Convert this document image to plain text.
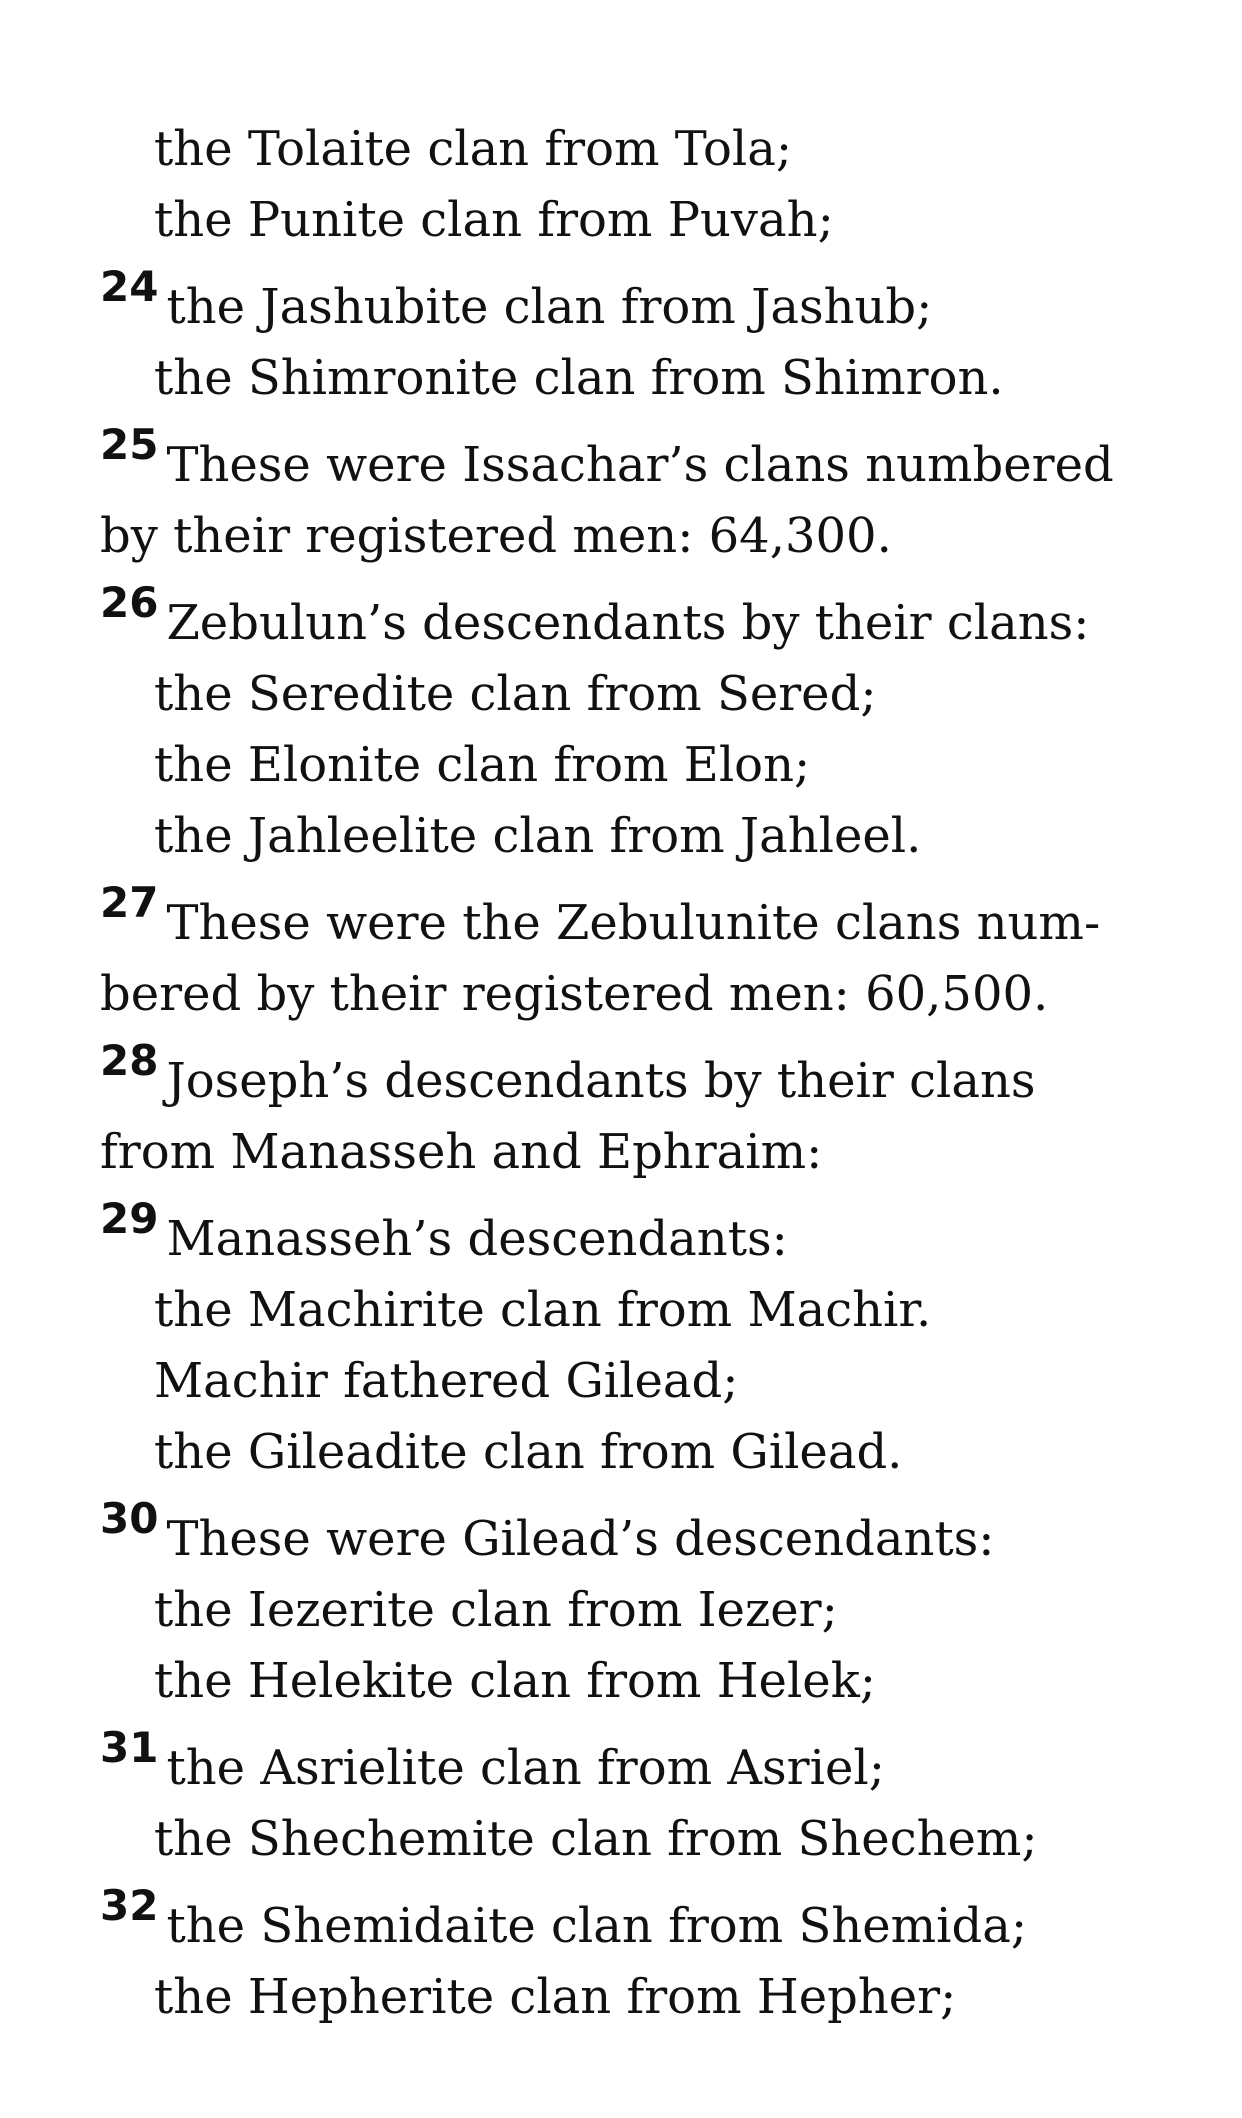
the Tolaite clan from Tola;
the Punite clan from Puvah;
24 the Jashubite clan from Jashub;
the Shimronite clan from Shimron.
25 These were Issachar’s clans numbered
by their registered men: 64,300.
26 Zebulun’s descendants by their clans:
the Seredite clan from Sered;
the Elonite clan from Elon;
the Jahleelite clan from Jahleel.
27 These were the Zebulunite clans num-
bered by their registered men: 60,500.
28 Joseph’s descendants by their clans
from Manasseh and Ephraim:
29 Manasseh’s descendants:
the Machirite clan from Machir.
Machir fathered Gilead;
the Gileadite clan from Gilead.
30 These were Gilead’s descendants:
the Iezerite clan from Iezer;
the Helekite clan from Helek;
31 the Asrielite clan from Asriel;
the Shechemite clan from Shechem;
32 the Shemidaite clan from Shemida;
the Hepherite clan from Hepher;
